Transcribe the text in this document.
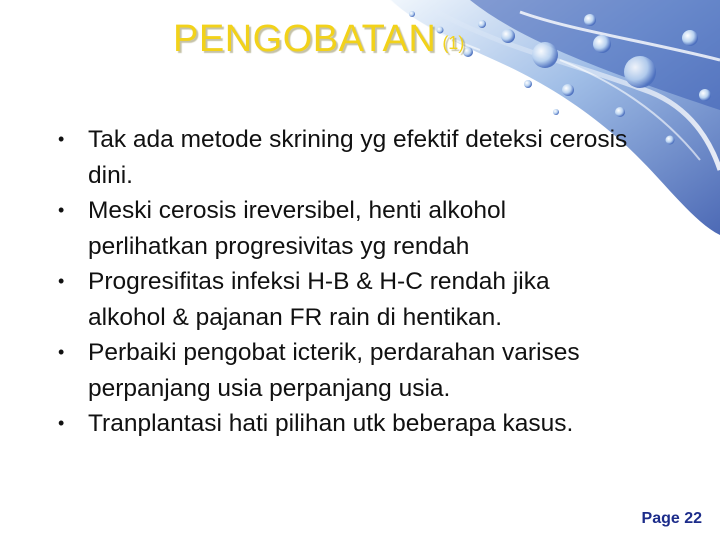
PENGOBATAN (1)
• Tak ada metode skrining yg efektif deteksi cerosis dini.
• Meski cerosis ireversibel, henti alkohol perlihatkan progresivitas yg rendah
• Progresifitas infeksi H-B & H-C rendah jika alkohol & pajanan FR rain di hentikan.
• Perbaiki pengobat icterik, perdarahan varises perpanjang usia perpanjang usia.
• Tranplantasi hati pilihan utk beberapa kasus.
Page 22
